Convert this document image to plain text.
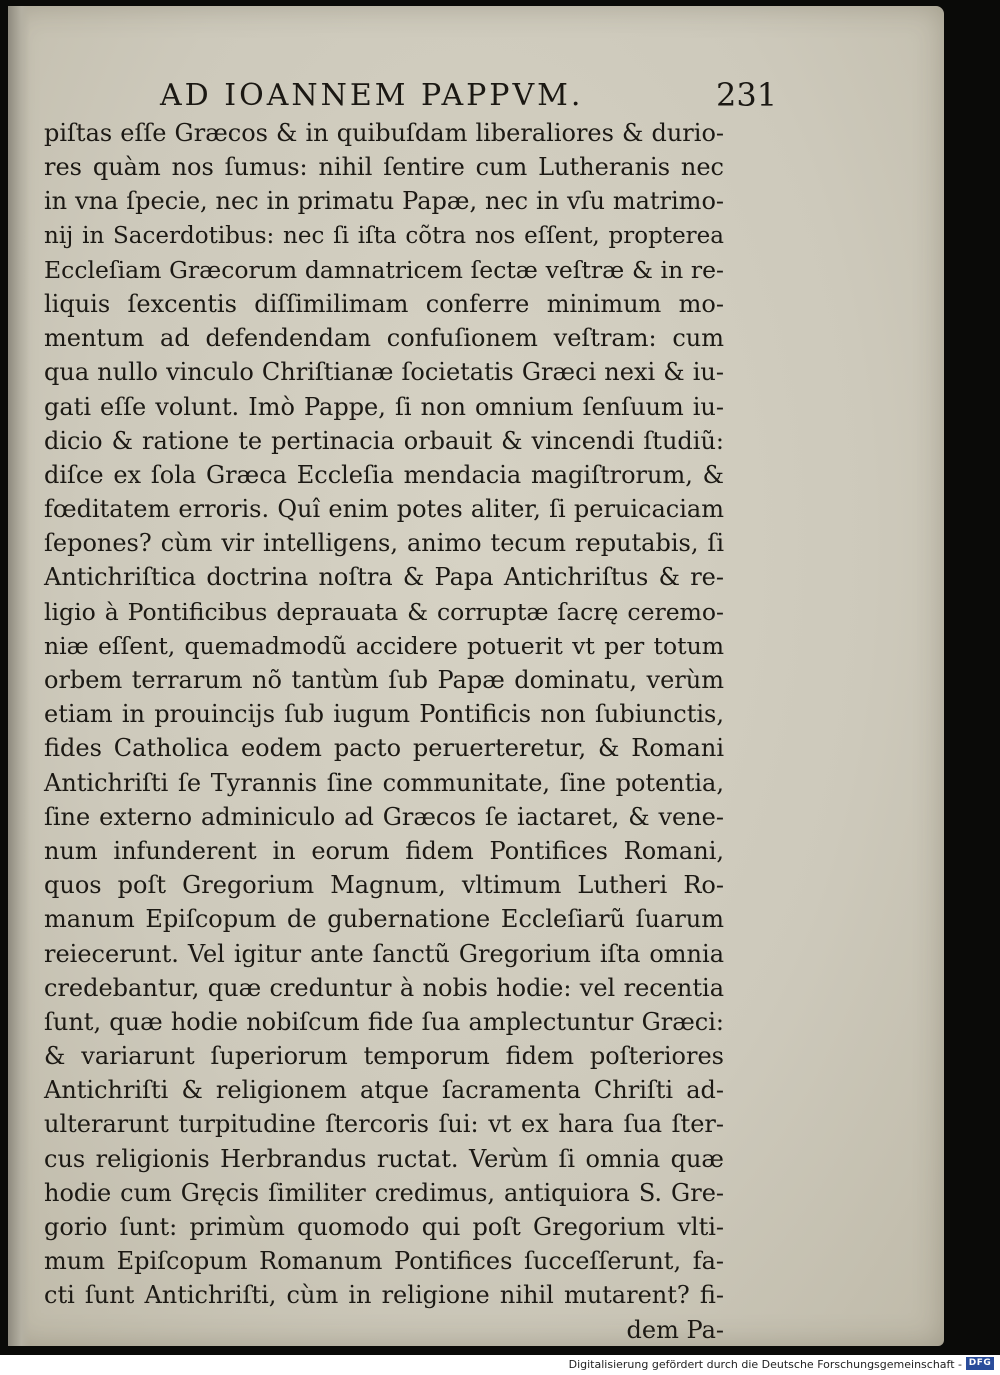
AD IOANNEM PAPPVM.	231
piſtas eſſe Græcos & in quibuſdam liberaliores & durio-
res quàm nos ſumus: nihil ſentire cum Lutheranis nec
in vna ſpecie, nec in primatu Papæ, nec in vſu matrimo-
nij in Sacerdotibus: nec ſi iſta cõtra nos eſſent, propterea
Eccleſiam Græcorum damnatricem ſectæ veſtræ & in re-
liquis ſexcentis diſſimilimam conferre minimum mo-
mentum ad defendendam confuſionem veſtram: cum
qua nullo vinculo Chriſtianæ ſocietatis Græci nexi & iu-
gati eſſe volunt. Imò Pappe, ſi non omnium ſenſuum iu-
dicio & ratione te pertinacia orbauit & vincendi ſtudiũ:
diſce ex ſola Græca Eccleſia mendacia magiſtrorum, &
fœditatem erroris. Quî enim potes aliter, ſi peruicaciam
ſepones? cùm vir intelligens, animo tecum reputabis, ſi
Antichriſtica doctrina noſtra & Papa Antichriſtus & re-
ligio à Pontificibus deprauata & corruptæ ſacrę ceremo-
niæ eſſent, quemadmodũ accidere potuerit vt per totum
orbem terrarum nõ tantùm ſub Papæ dominatu, verùm
etiam in prouincijs ſub iugum Pontificis non ſubiunctis,
fides Catholica eodem pacto peruerteretur, & Romani
Antichriſti ſe Tyrannis ſine communitate, ſine potentia,
ſine externo adminiculo ad Græcos ſe iactaret, & vene-
num infunderent in eorum fidem Pontifices Romani,
quos poſt Gregorium Magnum, vltimum Lutheri Ro-
manum Epiſcopum de gubernatione Eccleſiarũ ſuarum
reiecerunt. Vel igitur ante ſanctũ Gregorium iſta omnia
credebantur, quæ creduntur à nobis hodie: vel recentia
ſunt, quæ hodie nobiſcum fide ſua amplectuntur Græci:
& variarunt ſuperiorum temporum fidem poſteriores
Antichriſti & religionem atque ſacramenta Chriſti ad-
ulterarunt turpitudine ſtercoris ſui: vt ex hara ſua ſter-
cus religionis Herbrandus ructat. Verùm ſi omnia quæ
hodie cum Gręcis ſimiliter credimus, antiquiora S. Gre-
gorio ſunt: primùm quomodo qui poſt Gregorium vlti-
mum Epiſcopum Romanum Pontifices ſucceſſerunt, fa-
cti ſunt Antichriſti, cùm in religione nihil mutarent? fi-
dem Pa-
Digitalisierung gefördert durch die Deutsche Forschungsgemeinschaft - DFG
